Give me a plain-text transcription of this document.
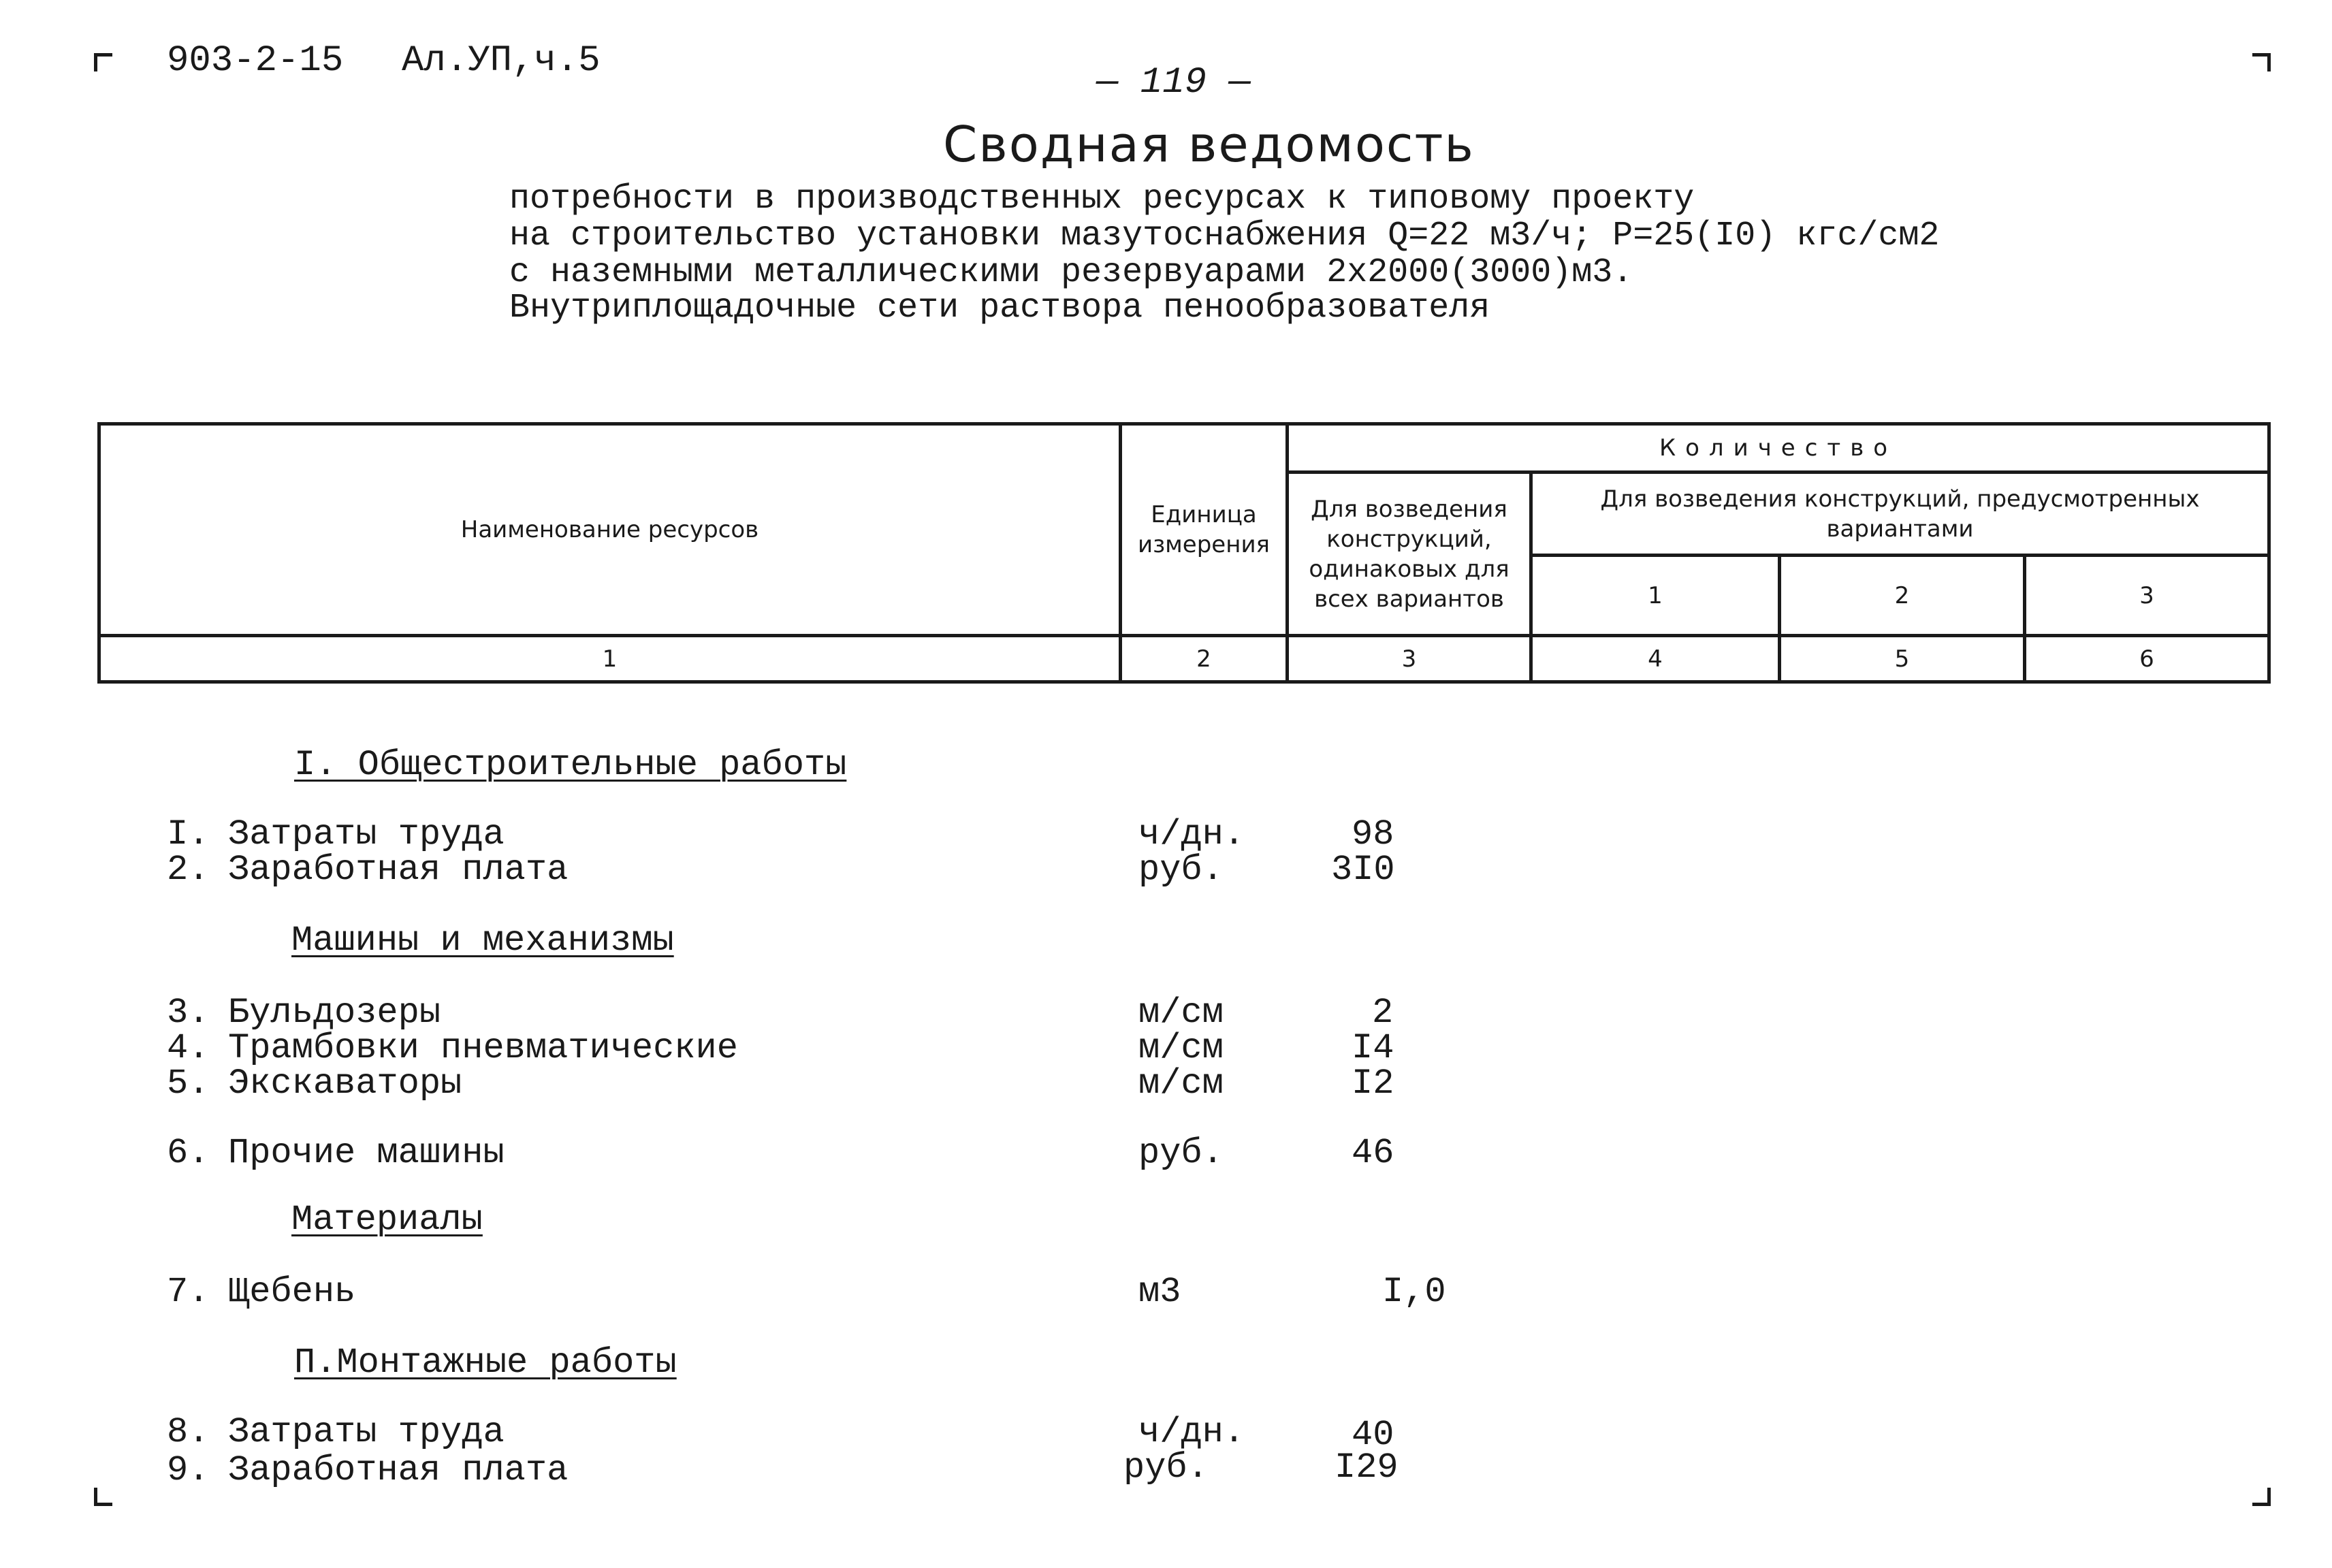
903-2-15 Ал.УП,ч.5
— 119 —
Сводная ведомость
потребности в производственных ресурсах к типовому проекту
на строительство установки мазутоснабжения Q=22 м3/ч; Р=25(I0) кгс/см2
с наземными металлическими резервуарами 2х2000(3000)м3.
Внутриплощадочные сети раствора пенообразователя
Наименование ресурсов
Единица измерения
Количество
Для возведения конструкций, одинаковых для всех вариантов
Для возведения конструкций, предусмотренных вариантами
1	2	3
1	2	3	4	5	6
I. Общестроительные работы
I. Затраты труда	ч/дн.	98
2. Заработная плата	руб.	3I0
Машины и механизмы
3. Бульдозеры	м/см	2
4. Трамбовки пневматические	м/см	I4
5. Экскаваторы	м/см	I2
6. Прочие машины	руб.	46
Материалы
7. Щебень	м3	I,0
П.Монтажные работы
8. Затраты труда	ч/дн.	40
9. Заработная плата	руб.	I29
